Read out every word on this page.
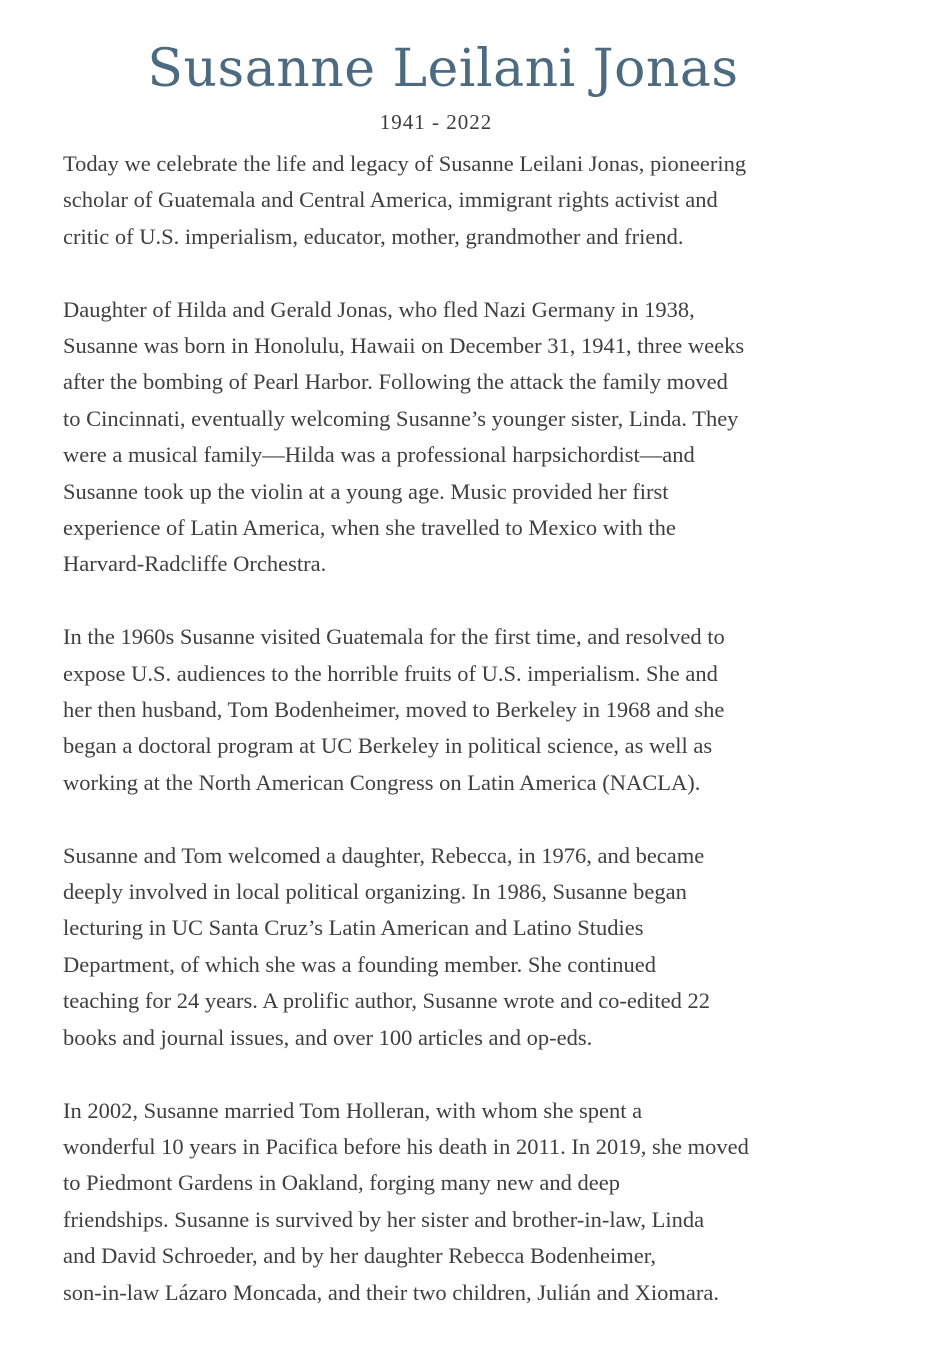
Susanne Leilani Jonas
1941 - 2022

Today we celebrate the life and legacy of Susanne Leilani Jonas, pioneering
scholar of Guatemala and Central America, immigrant rights activist and
critic of U.S. imperialism, educator, mother, grandmother and friend.

Daughter of Hilda and Gerald Jonas, who fled Nazi Germany in 1938,
Susanne was born in Honolulu, Hawaii on December 31, 1941, three weeks
after the bombing of Pearl Harbor. Following the attack the family moved
to Cincinnati, eventually welcoming Susanne’s younger sister, Linda. They
were a musical family—Hilda was a professional harpsichordist—and
Susanne took up the violin at a young age. Music provided her first
experience of Latin America, when she travelled to Mexico with the
Harvard-Radcliffe Orchestra.

In the 1960s Susanne visited Guatemala for the first time, and resolved to
expose U.S. audiences to the horrible fruits of U.S. imperialism. She and
her then husband, Tom Bodenheimer, moved to Berkeley in 1968 and she
began a doctoral program at UC Berkeley in political science, as well as
working at the North American Congress on Latin America (NACLA).

Susanne and Tom welcomed a daughter, Rebecca, in 1976, and became
deeply involved in local political organizing. In 1986, Susanne began
lecturing in UC Santa Cruz’s Latin American and Latino Studies
Department, of which she was a founding member. She continued
teaching for 24 years. A prolific author, Susanne wrote and co-edited 22
books and journal issues, and over 100 articles and op-eds.

In 2002, Susanne married Tom Holleran, with whom she spent a
wonderful 10 years in Pacifica before his death in 2011. In 2019, she moved
to Piedmont Gardens in Oakland, forging many new and deep
friendships. Susanne is survived by her sister and brother-in-law, Linda
and David Schroeder, and by her daughter Rebecca Bodenheimer,
son-in-law Lázaro Moncada, and their two children, Julián and Xiomara.
